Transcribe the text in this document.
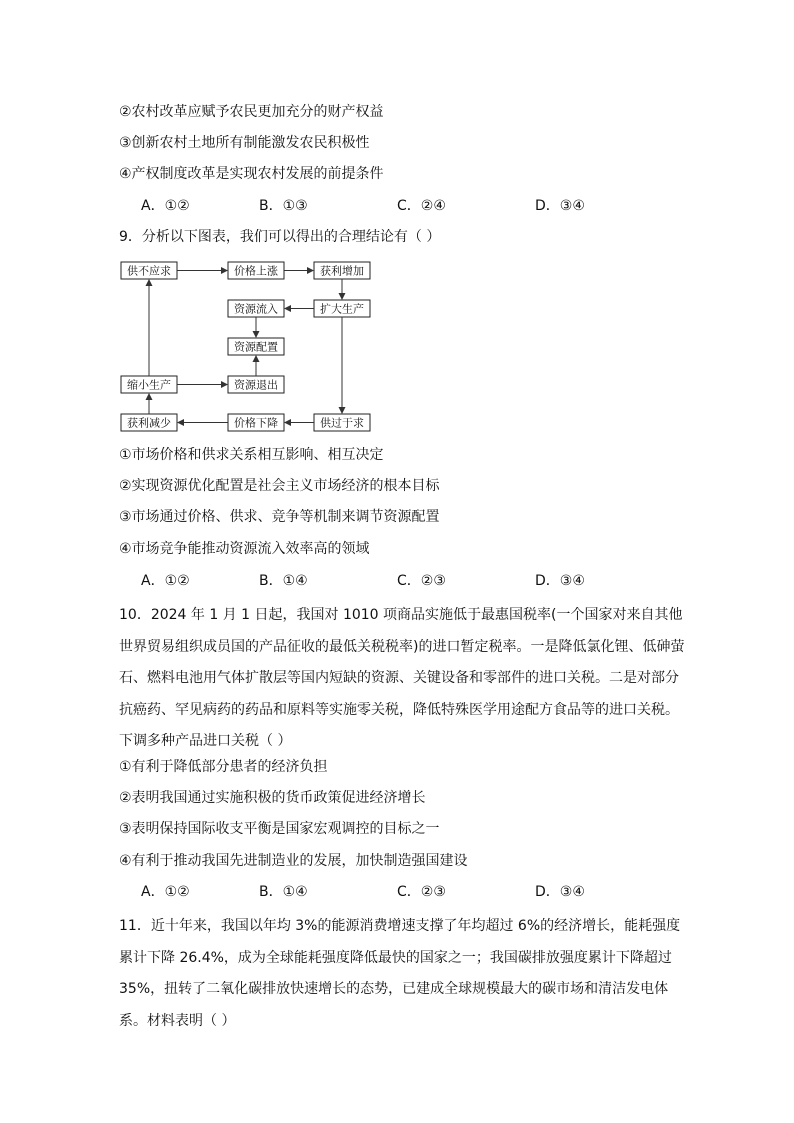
②农村改革应赋予农民更加充分的财产权益
③创新农村土地所有制能激发农民积极性
④产权制度改革是实现农村发展的前提条件
A．①②	B．①③	C．②④	D．③④
9．分析以下图表，我们可以得出的合理结论有（ ）
供不应求	价格上涨	获利增加
资源流入	扩大生产
资源配置
缩小生产	资源退出
获利减少	价格下降	供过于求
①市场价格和供求关系相互影响、相互决定
②实现资源优化配置是社会主义市场经济的根本目标
③市场通过价格、供求、竞争等机制来调节资源配置
④市场竞争能推动资源流入效率高的领域
A．①②	B．①④	C．②③	D．③④
10．2024 年 1 月 1 日起，我国对 1010 项商品实施低于最惠国税率(一个国家对来自其他世界贸易组织成员国的产品征收的最低关税税率)的进口暂定税率。一是降低氯化锂、低砷萤石、燃料电池用气体扩散层等国内短缺的资源、关键设备和零部件的进口关税。二是对部分抗癌药、罕见病药的药品和原料等实施零关税，降低特殊医学用途配方食品等的进口关税。下调多种产品进口关税（ ）
①有利于降低部分患者的经济负担
②表明我国通过实施积极的货币政策促进经济增长
③表明保持国际收支平衡是国家宏观调控的目标之一
④有利于推动我国先进制造业的发展，加快制造强国建设
A．①②	B．①④	C．②③	D．③④
11．近十年来，我国以年均 3%的能源消费增速支撑了年均超过 6%的经济增长，能耗强度累计下降 26.4%，成为全球能耗强度降低最快的国家之一；我国碳排放强度累计下降超过35%，扭转了二氧化碳排放快速增长的态势，已建成全球规模最大的碳市场和清洁发电体系。材料表明（ ）
